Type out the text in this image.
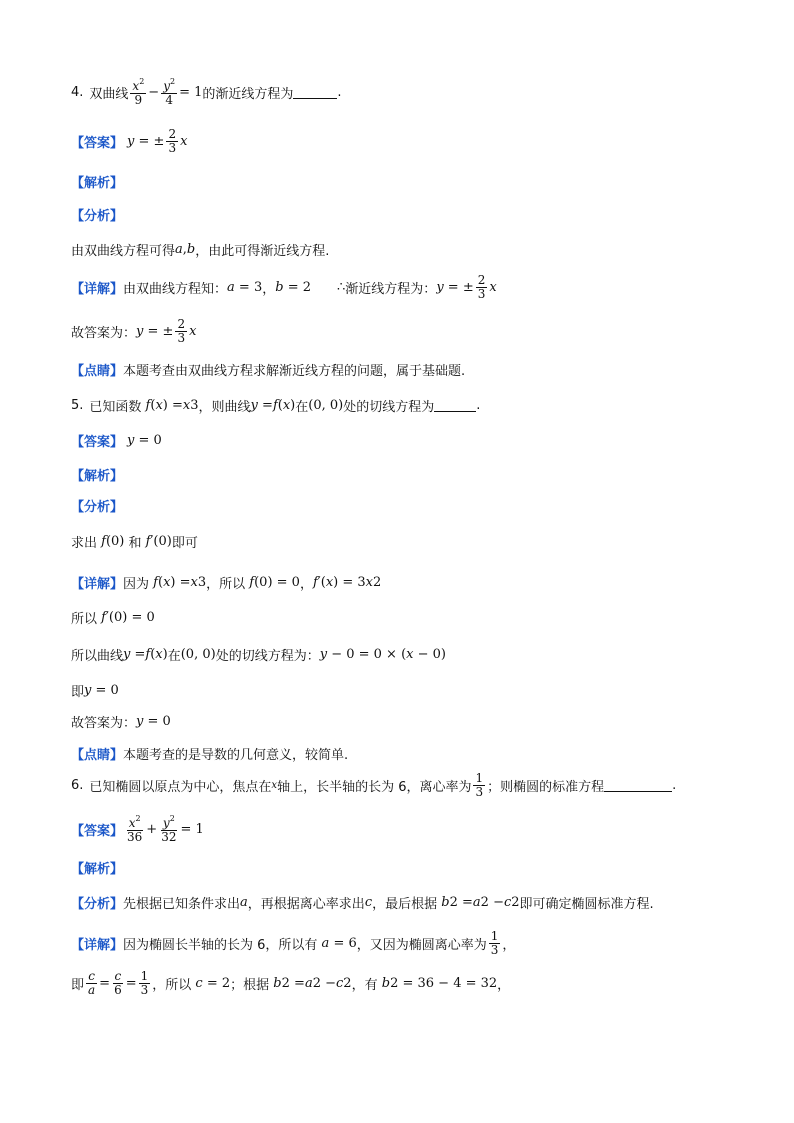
4. 双曲线 $\frac{x^2}{9} - \frac{y^2}{4} = 1$ 的渐近线方程为	.
【答案】 y = ± $\frac{2}{3}$ x
【解析】
【分析】
由双曲线方程可得 a , b ，由此可得渐近线方程.
【详解】 由双曲线方程知： a = 3 ， b = 2 ∴ 渐近线方程为： y = ± $\frac{2}{3}$ x
故答案为： y = ± $\frac{2}{3}$ x
【点睛】 本题考查由双曲线方程求解渐近线方程的问题，属于基础题.
5. 已知函数 f ( x ) = x 3 ，则曲线 y = f ( x ) 在 (0, 0) 处的切线方程为	.
【答案】 y = 0
【解析】
【分析】
求出 f (0) 和 f ′(0) 即可
【详解】 因为 f ( x ) = x 3 ，所以 f (0) = 0 ， f ′( x ) = 3 x 2
所以 f ′(0) = 0
所以曲线 y = f ( x ) 在 (0, 0) 处的切线方程为： y − 0 = 0 × ( x − 0)
即 y = 0
故答案为： y = 0
【点睛】 本题考查的是导数的几何意义，较简单.
6. 已知椭圆以原点为中心，焦点在 x 轴上，长半轴的长为 6，离心率为 $\frac{1}{3}$ ；则椭圆的标准方程	.
【答案】 $\frac{x^2}{36} + \frac{y^2}{32} = 1$
【解析】
【分析】 先根据已知条件求出 a ，再根据离心率求出 c ，最后根据 b 2 = a 2 − c 2 即可确定椭圆标准方程.
【详解】 因为椭圆长半轴的长为 6，所以有 a = 6 ，又因为椭圆离心率为 $\frac{1}{3}$ ，
即 $\frac{c}{a} = \frac{c}{6} = \frac{1}{3}$ ，所以 c = 2 ；根据 b 2 = a 2 − c 2 ，有 b 2 = 36 − 4 = 32 ，
